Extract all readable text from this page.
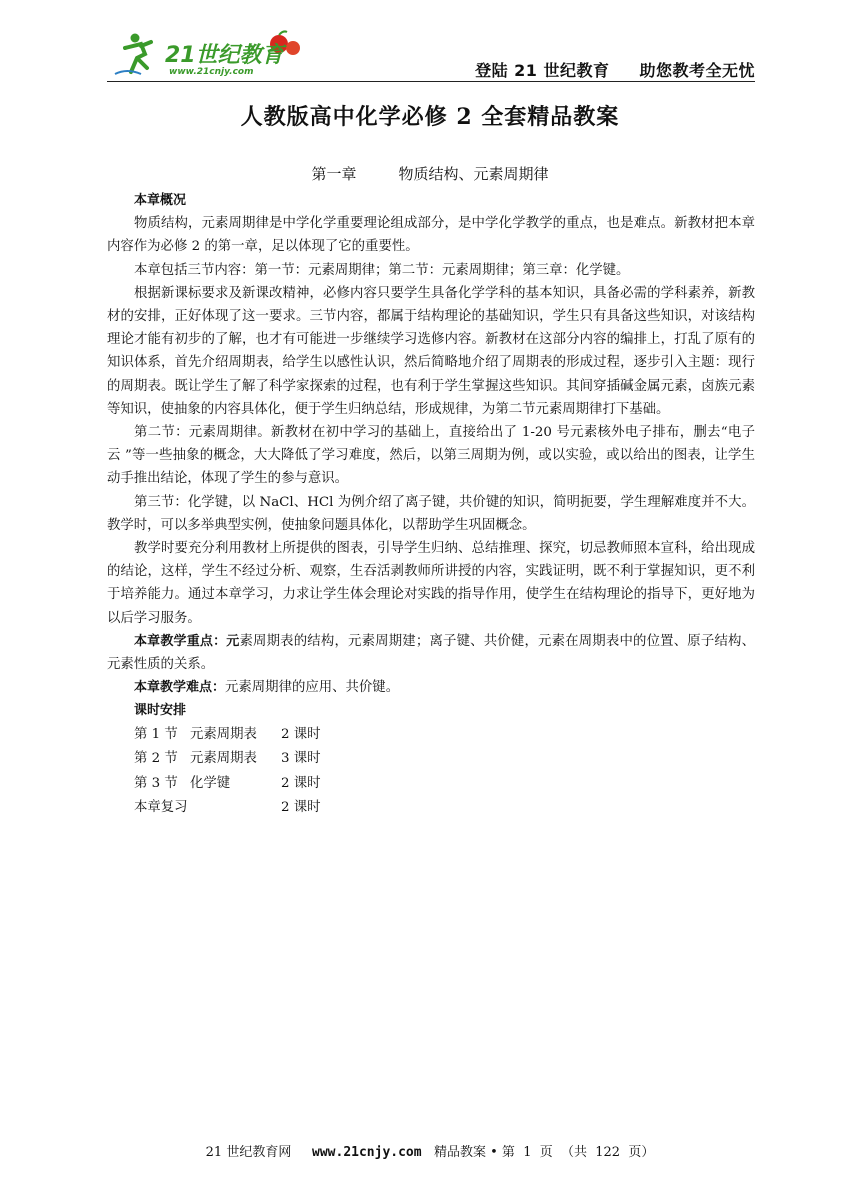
21世纪教育
www.21cnjy.com	登陆 21 世纪教育 助您教考全无忧
人教版高中化学必修 2 全套精品教案
第一章	物质结构、元素周期律

本章概况

物质结构，元素周期律是中学化学重要理论组成部分，是中学化学教学的重点，也是难点。新教材把本章内容作为必修 2 的第一章，足以体现了它的重要性。

本章包括三节内容：第一节：元素周期律；第二节：元素周期律；第三章：化学键。

根据新课标要求及新课改精神，必修内容只要学生具备化学学科的基本知识，具备必需的学科素养，新教材的安排，正好体现了这一要求。三节内容，都属于结构理论的基础知识，学生只有具备这些知识，对该结构理论才能有初步的了解，也才有可能进一步继续学习选修内容。新教材在这部分内容的编排上，打乱了原有的知识体系，首先介绍周期表，给学生以感性认识，然后简略地介绍了周期表的形成过程，逐步引入主题：现行的周期表。既让学生了解了科学家探索的过程，也有利于学生掌握这些知识。其间穿插碱金属元素，卤族元素等知识，使抽象的内容具体化，便于学生归纳总结，形成规律，为第二节元素周期律打下基础。

第二节：元素周期律。新教材在初中学习的基础上，直接给出了 1-20 号元素核外电子排布，删去“电子云 ”等一些抽象的概念，大大降低了学习难度，然后，以第三周期为例，或以实验，或以给出的图表，让学生动手推出结论，体现了学生的参与意识。

第三节：化学键，以 NaCl、HCl 为例介绍了离子键，共价键的知识，简明扼要，学生理解难度并不大。教学时，可以多举典型实例，使抽象问题具体化，以帮助学生巩固概念。

教学时要充分利用教材上所提供的图表，引导学生归纳、总结推理、探究，切忌教师照本宣科，给出现成的结论，这样，学生不经过分析、观察，生吞活剥教师所讲授的内容，实践证明，既不利于掌握知识，更不利于培养能力。通过本章学习，力求让学生体会理论对实践的指导作用，使学生在结构理论的指导下，更好地为以后学习服务。

本章教学重点：元素周期表的结构，元素周期建；离子键、共价健，元素在周期表中的位置、原子结构、元素性质的关系。

本章教学难点：元素周期律的应用、共价键。

课时安排

第 1 节 元素周期表	2 课时
第 2 节 元素周期表	3 课时
第 3 节 化学键	2 课时
本章复习	2 课时
21 世纪教育网 www.21cnjy.com 精品教案 • 第  1  页  （共  122  页）
